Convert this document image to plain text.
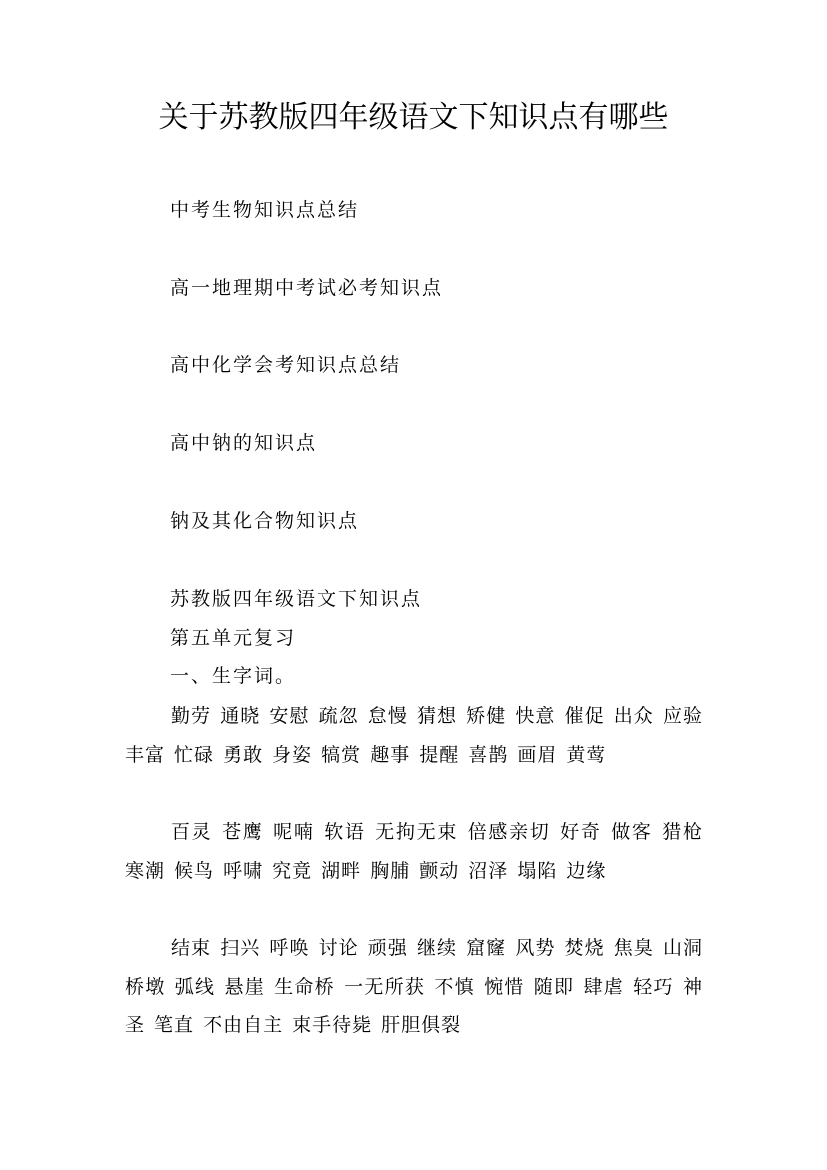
关于苏教版四年级语文下知识点有哪些
中考生物知识点总结
高一地理期中考试必考知识点
高中化学会考知识点总结
高中钠的知识点
钠及其化合物知识点
苏教版四年级语文下知识点
第五单元复习
一、生字词。
勤劳 通晓 安慰 疏忽 怠慢 猜想 矫健 快意 催促 出众 应验 丰富 忙碌 勇敢 身姿 犒赏 趣事 提醒 喜鹊 画眉 黄莺
百灵 苍鹰 呢喃 软语 无拘无束 倍感亲切 好奇 做客 猎枪 寒潮 候鸟 呼啸 究竟 湖畔 胸脯 颤动 沼泽 塌陷 边缘
结束 扫兴 呼唤 讨论 顽强 继续 窟窿 风势 焚烧 焦臭 山洞 桥墩 弧线 悬崖 生命桥 一无所获 不慎 惋惜 随即 肆虐 轻巧 神圣 笔直 不由自主 束手待毙 肝胆俱裂
